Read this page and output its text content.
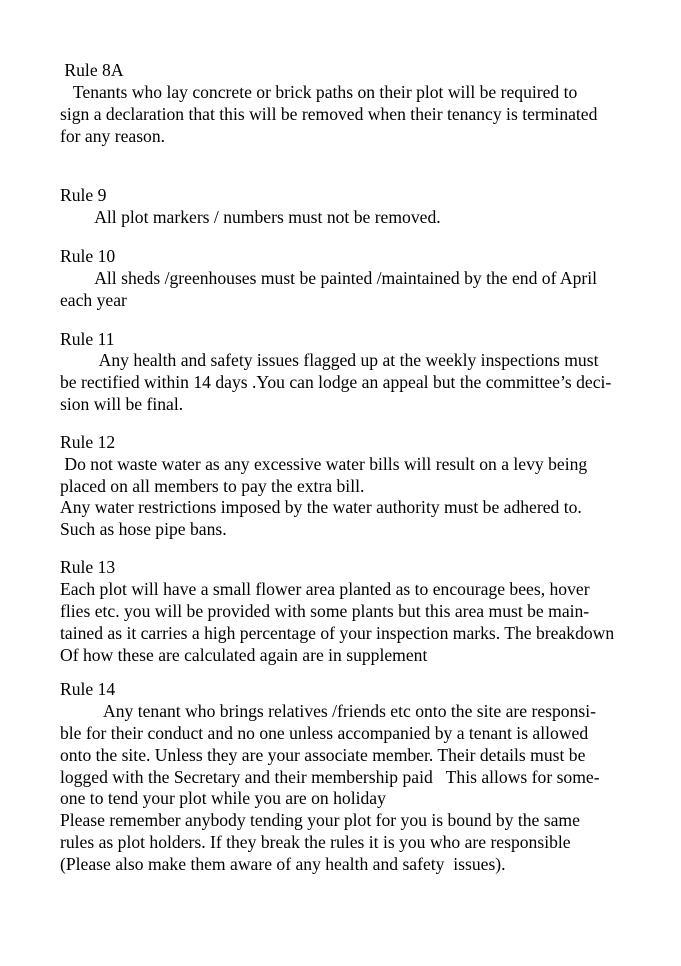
Rule 8A
Tenants who lay concrete or brick paths on their plot will be required to
sign a declaration that this will be removed when their tenancy is terminated
for any reason.
Rule 9
All plot markers / numbers must not be removed.
Rule 10
All sheds /greenhouses must be painted /maintained by the end of April
each year
Rule 11
Any health and safety issues flagged up at the weekly inspections must
be rectified within 14 days .You can lodge an appeal but the committee’s deci-
sion will be final.
Rule 12
Do not waste water as any excessive water bills will result on a levy being
placed on all members to pay the extra bill.
Any water restrictions imposed by the water authority must be adhered to.
Such as hose pipe bans.
Rule 13
Each plot will have a small flower area planted as to encourage bees, hover
flies etc. you will be provided with some plants but this area must be main-
tained as it carries a high percentage of your inspection marks. The breakdown
Of how these are calculated again are in supplement
Rule 14
Any tenant who brings relatives /friends etc onto the site are responsi-
ble for their conduct and no one unless accompanied by a tenant is allowed
onto the site. Unless they are your associate member. Their details must be
logged with the Secretary and their membership paid   This allows for some-
one to tend your plot while you are on holiday
Please remember anybody tending your plot for you is bound by the same
rules as plot holders. If they break the rules it is you who are responsible
(Please also make them aware of any health and safety  issues).
